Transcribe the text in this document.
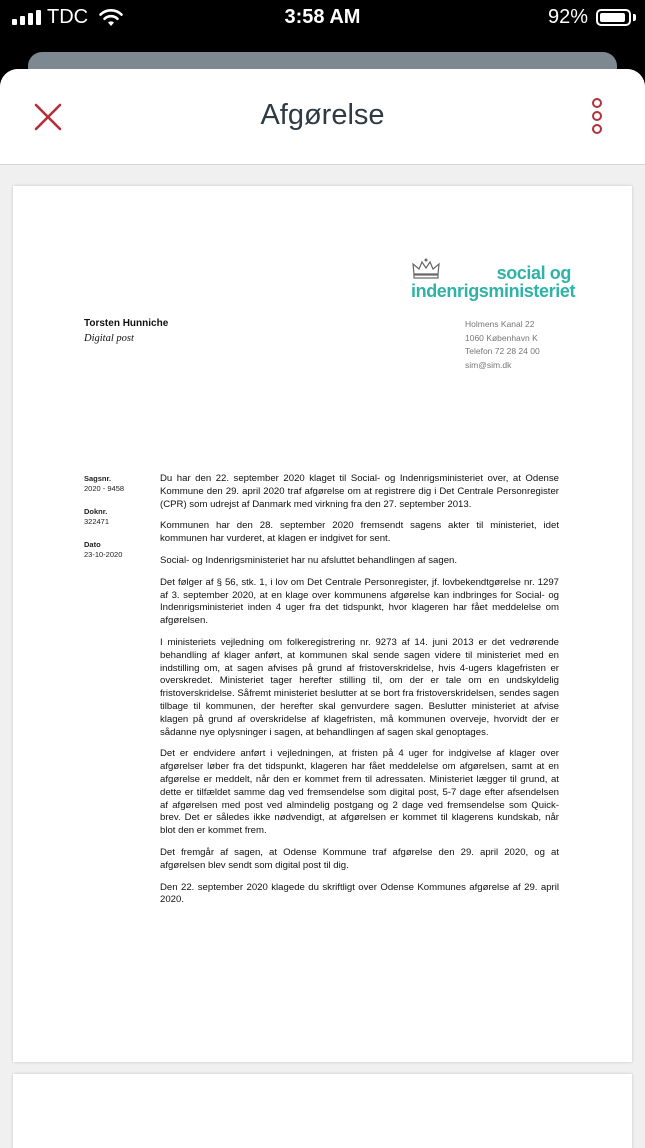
TDC	3:58 AM	92%
Afgørelse
social og
indenrigsministeriet
Torsten Hunniche
Digital post
Holmens Kanal 22
1060 København K
Telefon 72 28 24 00
sim@sim.dk
Sagsnr.
2020 - 9458
Doknr.
322471
Dato
23-10-2020

Du har den 22. september 2020 klaget til Social- og Indenrigsministeriet over, at Odense Kommune den 29. april 2020 traf afgørelse om at registrere dig i Det Centrale Personregister (CPR) som udrejst af Danmark med virkning fra den 27. september 2013.

Kommunen har den 28. september 2020 fremsendt sagens akter til ministeriet, idet kommunen har vurderet, at klagen er indgivet for sent.

Social- og Indenrigsministeriet har nu afsluttet behandlingen af sagen.

Det følger af § 56, stk. 1, i lov om Det Centrale Personregister, jf. lovbekendtgørelse nr. 1297 af 3. september 2020, at en klage over kommunens afgørelse kan indbringes for Social- og Indenrigsministeriet inden 4 uger fra det tidspunkt, hvor klageren har fået meddelelse om afgørelsen.

I ministeriets vejledning om folkeregistrering nr. 9273 af 14. juni 2013 er det vedrørende behandling af klager anført, at kommunen skal sende sagen videre til ministeriet med en indstilling om, at sagen afvises på grund af fristoverskridelse, hvis 4-ugers klagefristen er overskredet. Ministeriet tager herefter stilling til, om der er tale om en undskyldelig fristoverskridelse. Såfremt ministeriet beslutter at se bort fra fristoverskridelsen, sendes sagen tilbage til kommunen, der herefter skal genvurdere sagen. Beslutter ministeriet at afvise klagen på grund af overskridelse af klagefristen, må kommunen overveje, hvorvidt der er sådanne nye oplysninger i sagen, at behandlingen af sagen skal genoptages.

Det er endvidere anført i vejledningen, at fristen på 4 uger for indgivelse af klager over afgørelser løber fra det tidspunkt, klageren har fået meddelelse om afgørelsen, samt at en afgørelse er meddelt, når den er kommet frem til adressaten. Ministeriet lægger til grund, at dette er tilfældet samme dag ved fremsendelse som digital post, 5-7 dage efter afsendelsen af afgørelsen med post ved almindelig postgang og 2 dage ved fremsendelse som Quick-brev. Det er således ikke nødvendigt, at afgørelsen er kommet til klagerens kundskab, når blot den er kommet frem.

Det fremgår af sagen, at Odense Kommune traf afgørelse den 29. april 2020, og at afgørelsen blev sendt som digital post til dig.

Den 22. september 2020 klagede du skriftligt over Odense Kommunes afgørelse af 29. april 2020.
